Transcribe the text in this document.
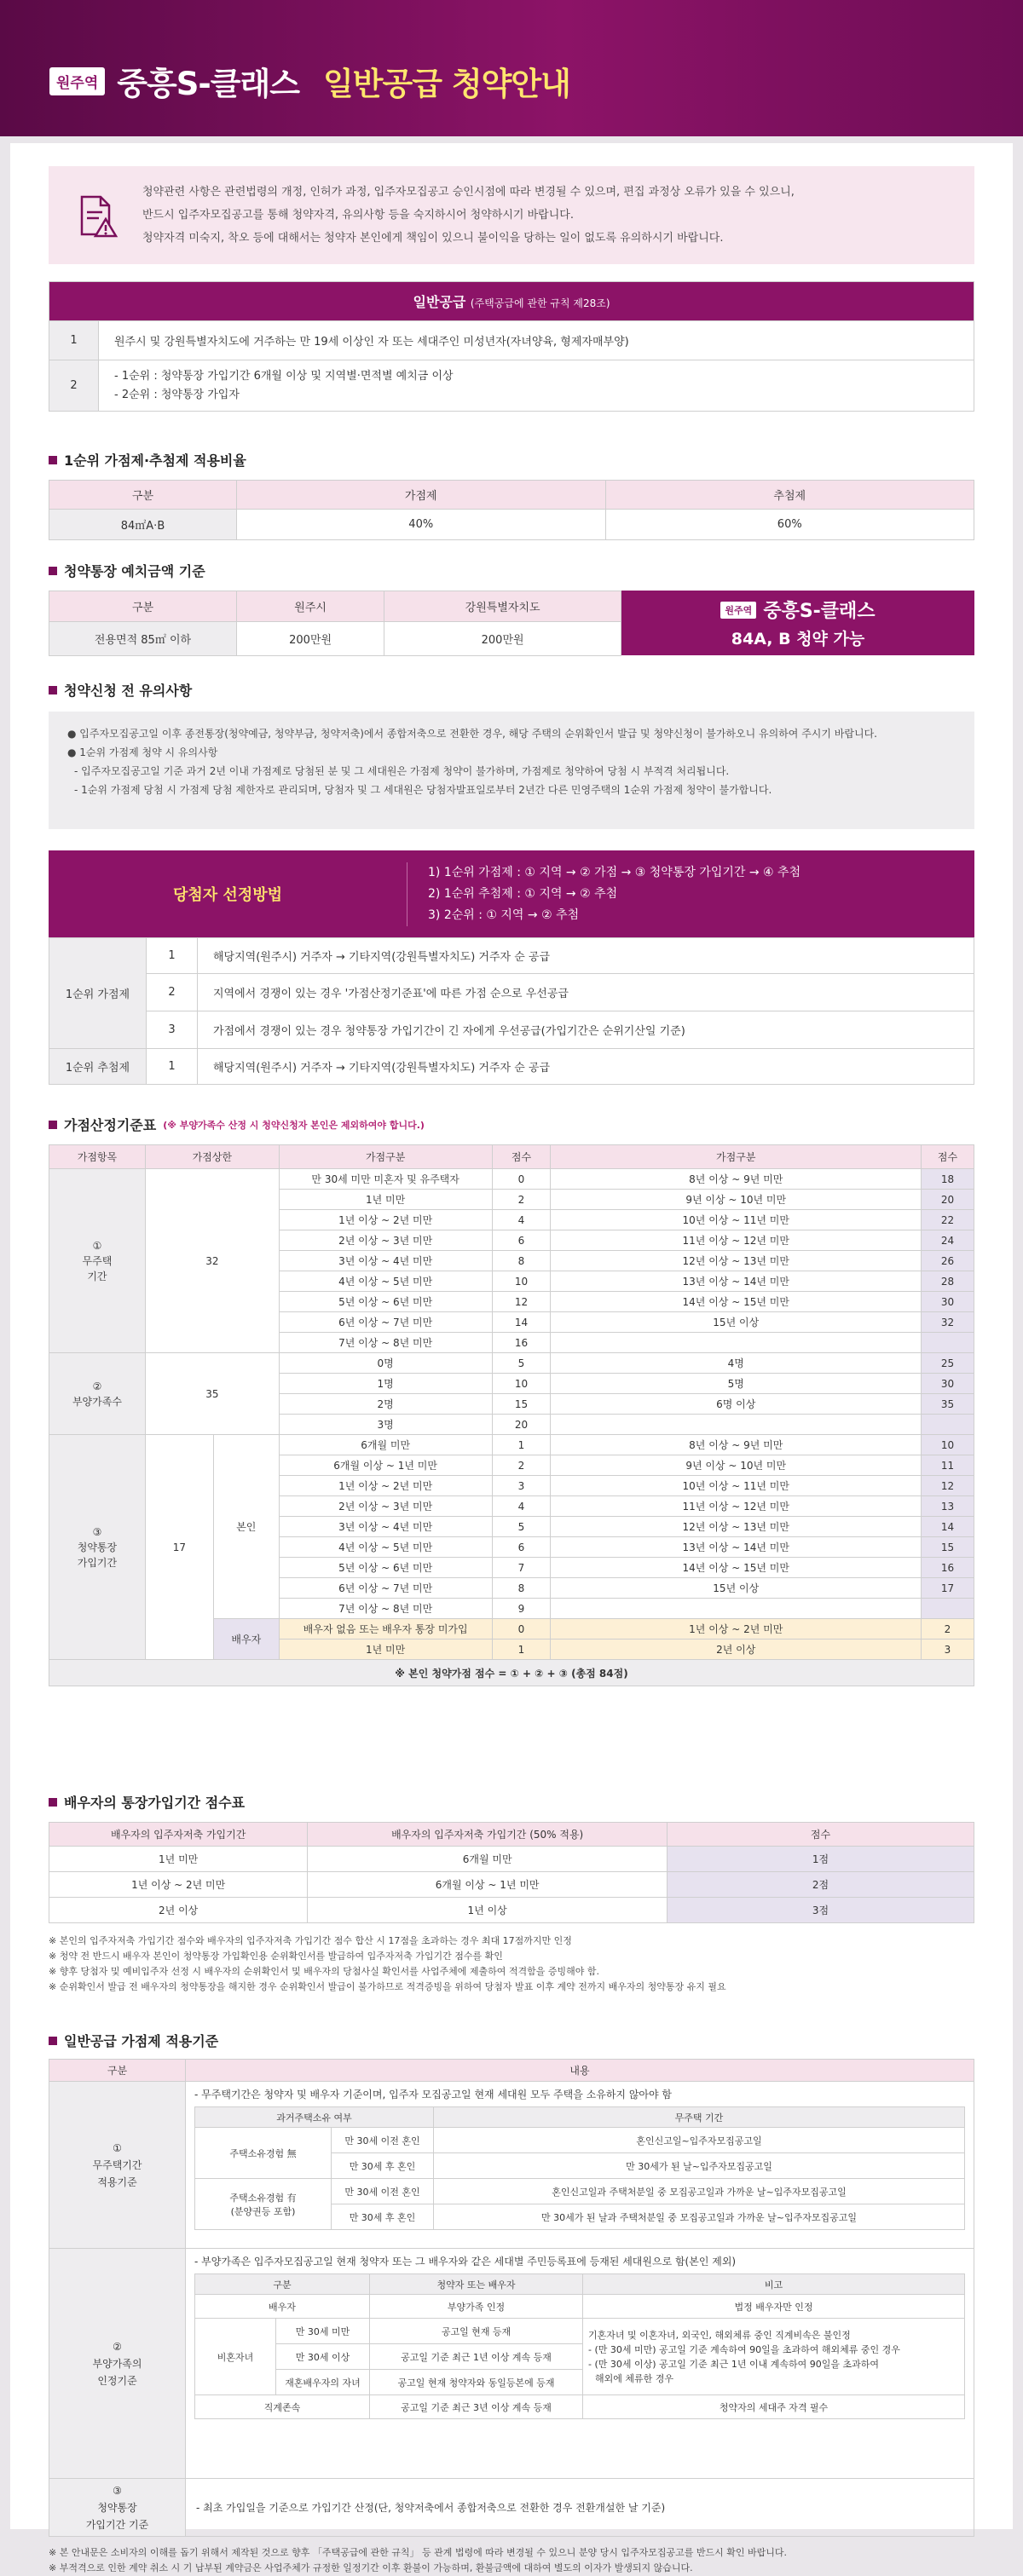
원주역 중흥S-클래스 일반공급 청약안내
청약관련 사항은 관련법령의 개정, 인허가 과정, 입주자모집공고 승인시점에 따라 변경될 수 있으며, 편집 과정상 오류가 있을 수 있으니,
반드시 입주자모집공고를 통해 청약자격, 유의사항 등을 숙지하시어 청약하시기 바랍니다.
청약자격 미숙지, 착오 등에 대해서는 청약자 본인에게 책임이 있으니 불이익을 당하는 일이 없도록 유의하시기 바랍니다.
일반공급 (주택공급에 관한 규칙 제28조)	
1	원주시 및 강원특별자치도에 거주하는 만 19세 이상인 자 또는 세대주인 미성년자(자녀양육, 형제자매부양)
2	- 1순위 : 청약통장 가입기간 6개월 이상 및 지역별·면적별 예치금 이상
- 2순위 : 청약통장 가입자
1순위 가점제·추첨제 적용비율
구분	가점제	추첨제
84㎡A·B	40%	60%
청약통장 예치금액 기준
구분	원주시	강원특별자치도
전용면적 85㎡ 이하	200만원	200만원
원주역 중흥S-클래스
84A, B 청약 가능
청약신청 전 유의사항
● 입주자모집공고일 이후 종전통장(청약예금, 청약부금, 청약저축)에서 종합저축으로 전환한 경우, 해당 주택의 순위확인서 발급 및 청약신청이 불가하오니 유의하여 주시기 바랍니다.
● 1순위 가점제 청약 시 유의사항
- 입주자모집공고일 기준 과거 2년 이내 가점제로 당첨된 분 및 그 세대원은 가점제 청약이 불가하며, 가점제로 청약하여 당첨 시 부적격 처리됩니다.
- 1순위 가점제 당첨 시 가점제 당첨 제한자로 관리되며, 당첨자 및 그 세대원은 당첨자발표일로부터 2년간 다른 민영주택의 1순위 가점제 청약이 불가합니다.
당첨자 선정방법
1) 1순위 가점제 : ① 지역 → ② 가점 → ③ 청약통장 가입기간 → ④ 추첨
2) 1순위 추첨제 : ① 지역 → ② 추첨
3) 2순위 : ① 지역 → ② 추첨
1순위 가점제	1	해당지역(원주시) 거주자 → 기타지역(강원특별자치도) 거주자 순 공급
	2	지역에서 경쟁이 있는 경우 '가점산정기준표'에 따른 가점 순으로 우선공급
	3	가점에서 경쟁이 있는 경우 청약통장 가입기간이 긴 자에게 우선공급(가입기간은 순위기산일 기준)
1순위 추첨제	1	해당지역(원주시) 거주자 → 기타지역(강원특별자치도) 거주자 순 공급
가점산정기준표 (※ 부양가족수 산정 시 청약신청자 본인은 제외하여야 합니다.)
가점항목	가점상한		가점구분	점수	가점구분	점수

①
무주택
기간	32		만 30세 미만 미혼자 및 유주택자	0	8년 이상 ~ 9년 미만	18
			1년 미만	2	9년 이상 ~ 10년 미만	20
			1년 이상 ~ 2년 미만	4	10년 이상 ~ 11년 미만	22
			2년 이상 ~ 3년 미만	6	11년 이상 ~ 12년 미만	24
			3년 이상 ~ 4년 미만	8	12년 이상 ~ 13년 미만	26
			4년 이상 ~ 5년 미만	10	13년 이상 ~ 14년 미만	28
			5년 이상 ~ 6년 미만	12	14년 이상 ~ 15년 미만	30
			6년 이상 ~ 7년 미만	14	15년 이상	32
			7년 이상 ~ 8년 미만	16		

②
부양가족수	35		0명	5	4명	25
			1명	10	5명	30
			2명	15	6명 이상	35
			3명	20		

③
청약통장
가입기간	17	본인	6개월 미만	1	8년 이상 ~ 9년 미만	10
			6개월 이상 ~ 1년 미만	2	9년 이상 ~ 10년 미만	11
			1년 이상 ~ 2년 미만	3	10년 이상 ~ 11년 미만	12
			2년 이상 ~ 3년 미만	4	11년 이상 ~ 12년 미만	13
			3년 이상 ~ 4년 미만	5	12년 이상 ~ 13년 미만	14
			4년 이상 ~ 5년 미만	6	13년 이상 ~ 14년 미만	15
			5년 이상 ~ 6년 미만	7	14년 이상 ~ 15년 미만	16
			6년 이상 ~ 7년 미만	8	15년 이상	17
			7년 이상 ~ 8년 미만	9		
		배우자	배우자 없음 또는 배우자 통장 미가입	0	1년 이상 ~ 2년 미만	2
			1년 미만	1	2년 이상	3
※ 본인 청약가점 점수 = ① + ② + ③ (총점 84점)						
배우자의 통장가입기간 점수표
배우자의 입주자저축 가입기간	배우자의 입주자저축 가입기간 (50% 적용)	점수
1년 미만	6개월 미만	1점
1년 이상 ~ 2년 미만	6개월 이상 ~ 1년 미만	2점
2년 이상	1년 이상	3점
※ 본인의 입주자저축 가입기간 점수와 배우자의 입주자저축 가입기간 점수 합산 시 17점을 초과하는 경우 최대 17점까지만 인정
※ 청약 전 반드시 배우자 본인이 청약통장 가입확인용 순위확인서를 발급하여 입주자저축 가입기간 점수를 확인
※ 향후 당첨자 및 예비입주자 선정 시 배우자의 순위확인서 및 배우자의 당첨사실 확인서를 사업주체에 제출하여 적격함을 증빙해야 함.
※ 순위확인서 발급 전 배우자의 청약통장을 해지한 경우 순위확인서 발급이 불가하므로 적격증빙을 위하여 당첨자 발표 이후 계약 전까지 배우자의 청약통장 유지 필요
일반공급 가점제 적용기준
구분	내용

①
무주택기간
적용기준

- 무주택기간은 청약자 및 배우자 기준이며, 입주자 모집공고일 현재 세대원 모두 주택을 소유하지 않아야 함
과거주택소유 여부	무주택 기간
주택소유경험 無	만 30세 이전 혼인	혼인신고일~입주자모집공고일
만 30세 후 혼인	만 30세가 된 날~입주자모집공고일

주택소유경험 有
(분양권등 포함)
	만 30세 이전 혼인	혼인신고일과 주택처분일 중 모집공고일과 가까운 날~입주자모집공고일
만 30세 후 혼인	만 30세가 된 날과 주택처분일 중 모집공고일과 가까운 날~입주자모집공고일

②
부양가족의
인정기준

- 부양가족은 입주자모집공고일 현재 청약자 또는 그 배우자와 같은 세대별 주민등록표에 등재된 세대원으로 함(본인 제외)
구분	청약자 또는 배우자	비고
배우자	부양가족 인정	법정 배우자만 인정
비혼자녀	만 30세 미만	공고일 현재 등재	기혼자녀 및 이혼자녀, 외국인, 해외체류 중인 직계비속은 불인정
- (만 30세 미만) 공고일 기준 계속하여 90일을 초과하여 해외체류 중인 경우
- (만 30세 이상) 공고일 기준 최근 1년 이내 계속하여 90일을 초과하여
해외에 체류한 경우

만 30세 이상	공고일 기준 최근 1년 이상 계속 등재
재혼배우자의 자녀	공고일 현재 청약자와 동일등본에 등재
직계존속	공고일 기준 최근 3년 이상 계속 등재	청약자의 세대주 자격 필수

③
청약통장
가입기간 기준
	- 최초 가입일을 기준으로 가입기간 산정(단, 청약저축에서 종합저축으로 전환한 경우 전환개설한 날 기준)
※ 본 안내문은 소비자의 이해를 돕기 위해서 제작된 것으로 향후 「주택공급에 관한 규칙」 등 관계 법령에 따라 변경될 수 있으니 분양 당시 입주자모집공고를 반드시 확인 바랍니다.
※ 부적격으로 인한 계약 취소 시 기 납부된 계약금은 사업주체가 규정한 일정기간 이후 환불이 가능하며, 환불금액에 대하여 별도의 이자가 발생되지 않습니다.
